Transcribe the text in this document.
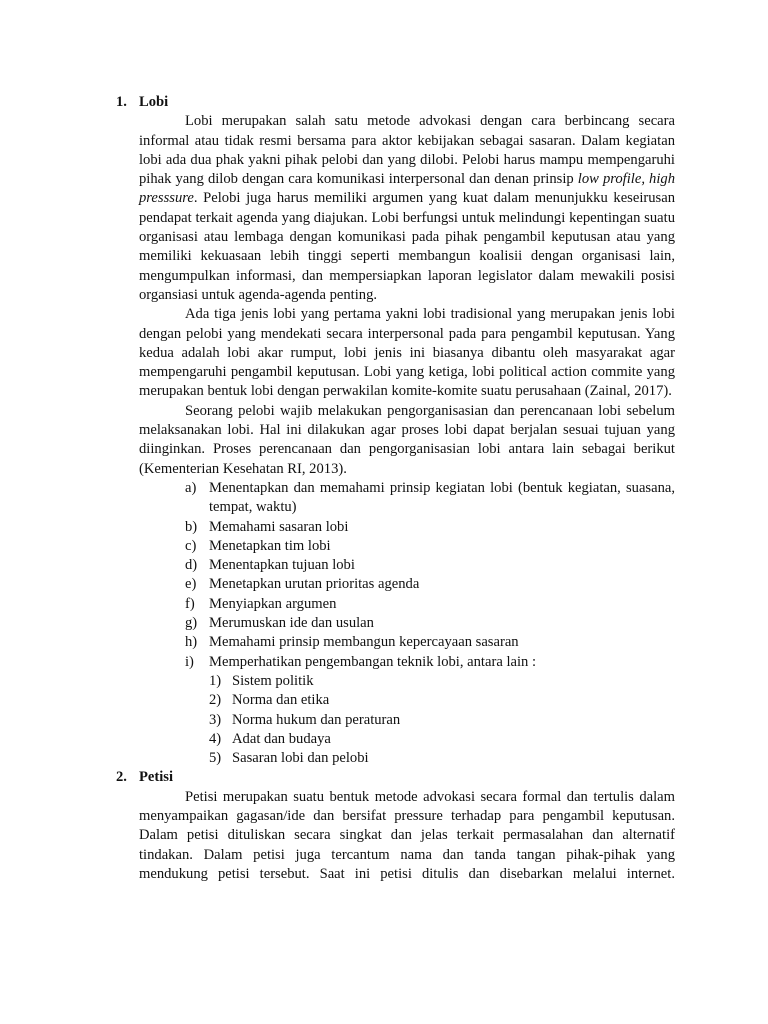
1. Lobi

Lobi merupakan salah satu metode advokasi dengan cara berbincang secara informal atau tidak resmi bersama para aktor kebijakan sebagai sasaran. Dalam kegiatan lobi ada dua phak yakni pihak pelobi dan yang dilobi. Pelobi harus mampu mempengaruhi pihak yang dilob dengan cara komunikasi interpersonal dan denan prinsip low profile, high presssure. Pelobi juga harus memiliki argumen yang kuat dalam menunjukku keseirusan pendapat terkait agenda yang diajukan. Lobi berfungsi untuk melindungi kepentingan suatu organisasi atau lembaga dengan komunikasi pada pihak pengambil keputusan atau yang memiliki kekuasaan lebih tinggi seperti membangun koalisii dengan organisasi lain, mengumpulkan informasi, dan mempersiapkan laporan legislator dalam mewakili posisi organsiasi untuk agenda-agenda penting.

Ada tiga jenis lobi yang pertama yakni lobi tradisional yang merupakan jenis lobi dengan pelobi yang mendekati secara interpersonal pada para pengambil keputusan. Yang kedua adalah lobi akar rumput, lobi jenis ini biasanya dibantu oleh masyarakat agar mempengaruhi pengambil keputusan. Lobi yang ketiga, lobi political action commite yang merupakan bentuk lobi dengan perwakilan komite-komite suatu perusahaan (Zainal, 2017).

Seorang pelobi wajib melakukan pengorganisasian dan perencanaan lobi sebelum melaksanakan lobi. Hal ini dilakukan agar proses lobi dapat berjalan sesuai tujuan yang diinginkan. Proses perencanaan dan pengorganisasian lobi antara lain sebagai berikut (Kementerian Kesehatan RI, 2013).

a) Menentapkan dan memahami prinsip kegiatan lobi (bentuk kegiatan, suasana, tempat, waktu)
b) Memahami sasaran lobi
c) Menetapkan tim lobi
d) Menentapkan tujuan lobi
e) Menetapkan urutan prioritas agenda
f) Menyiapkan argumen
g) Merumuskan ide dan usulan
h) Memahami prinsip membangun kepercayaan sasaran
i) Memperhatikan pengembangan teknik lobi, antara lain :
1) Sistem politik
2) Norma dan etika
3) Norma hukum dan peraturan
4) Adat dan budaya
5) Sasaran lobi dan pelobi
2. Petisi

Petisi merupakan suatu bentuk metode advokasi secara formal dan tertulis dalam menyampaikan gagasan/ide dan bersifat pressure terhadap para pengambil keputusan. Dalam petisi dituliskan secara singkat dan jelas terkait permasalahan dan alternatif tindakan. Dalam petisi juga tercantum nama dan tanda tangan pihak-pihak yang mendukung petisi tersebut. Saat ini petisi ditulis dan disebarkan melalui internet.
